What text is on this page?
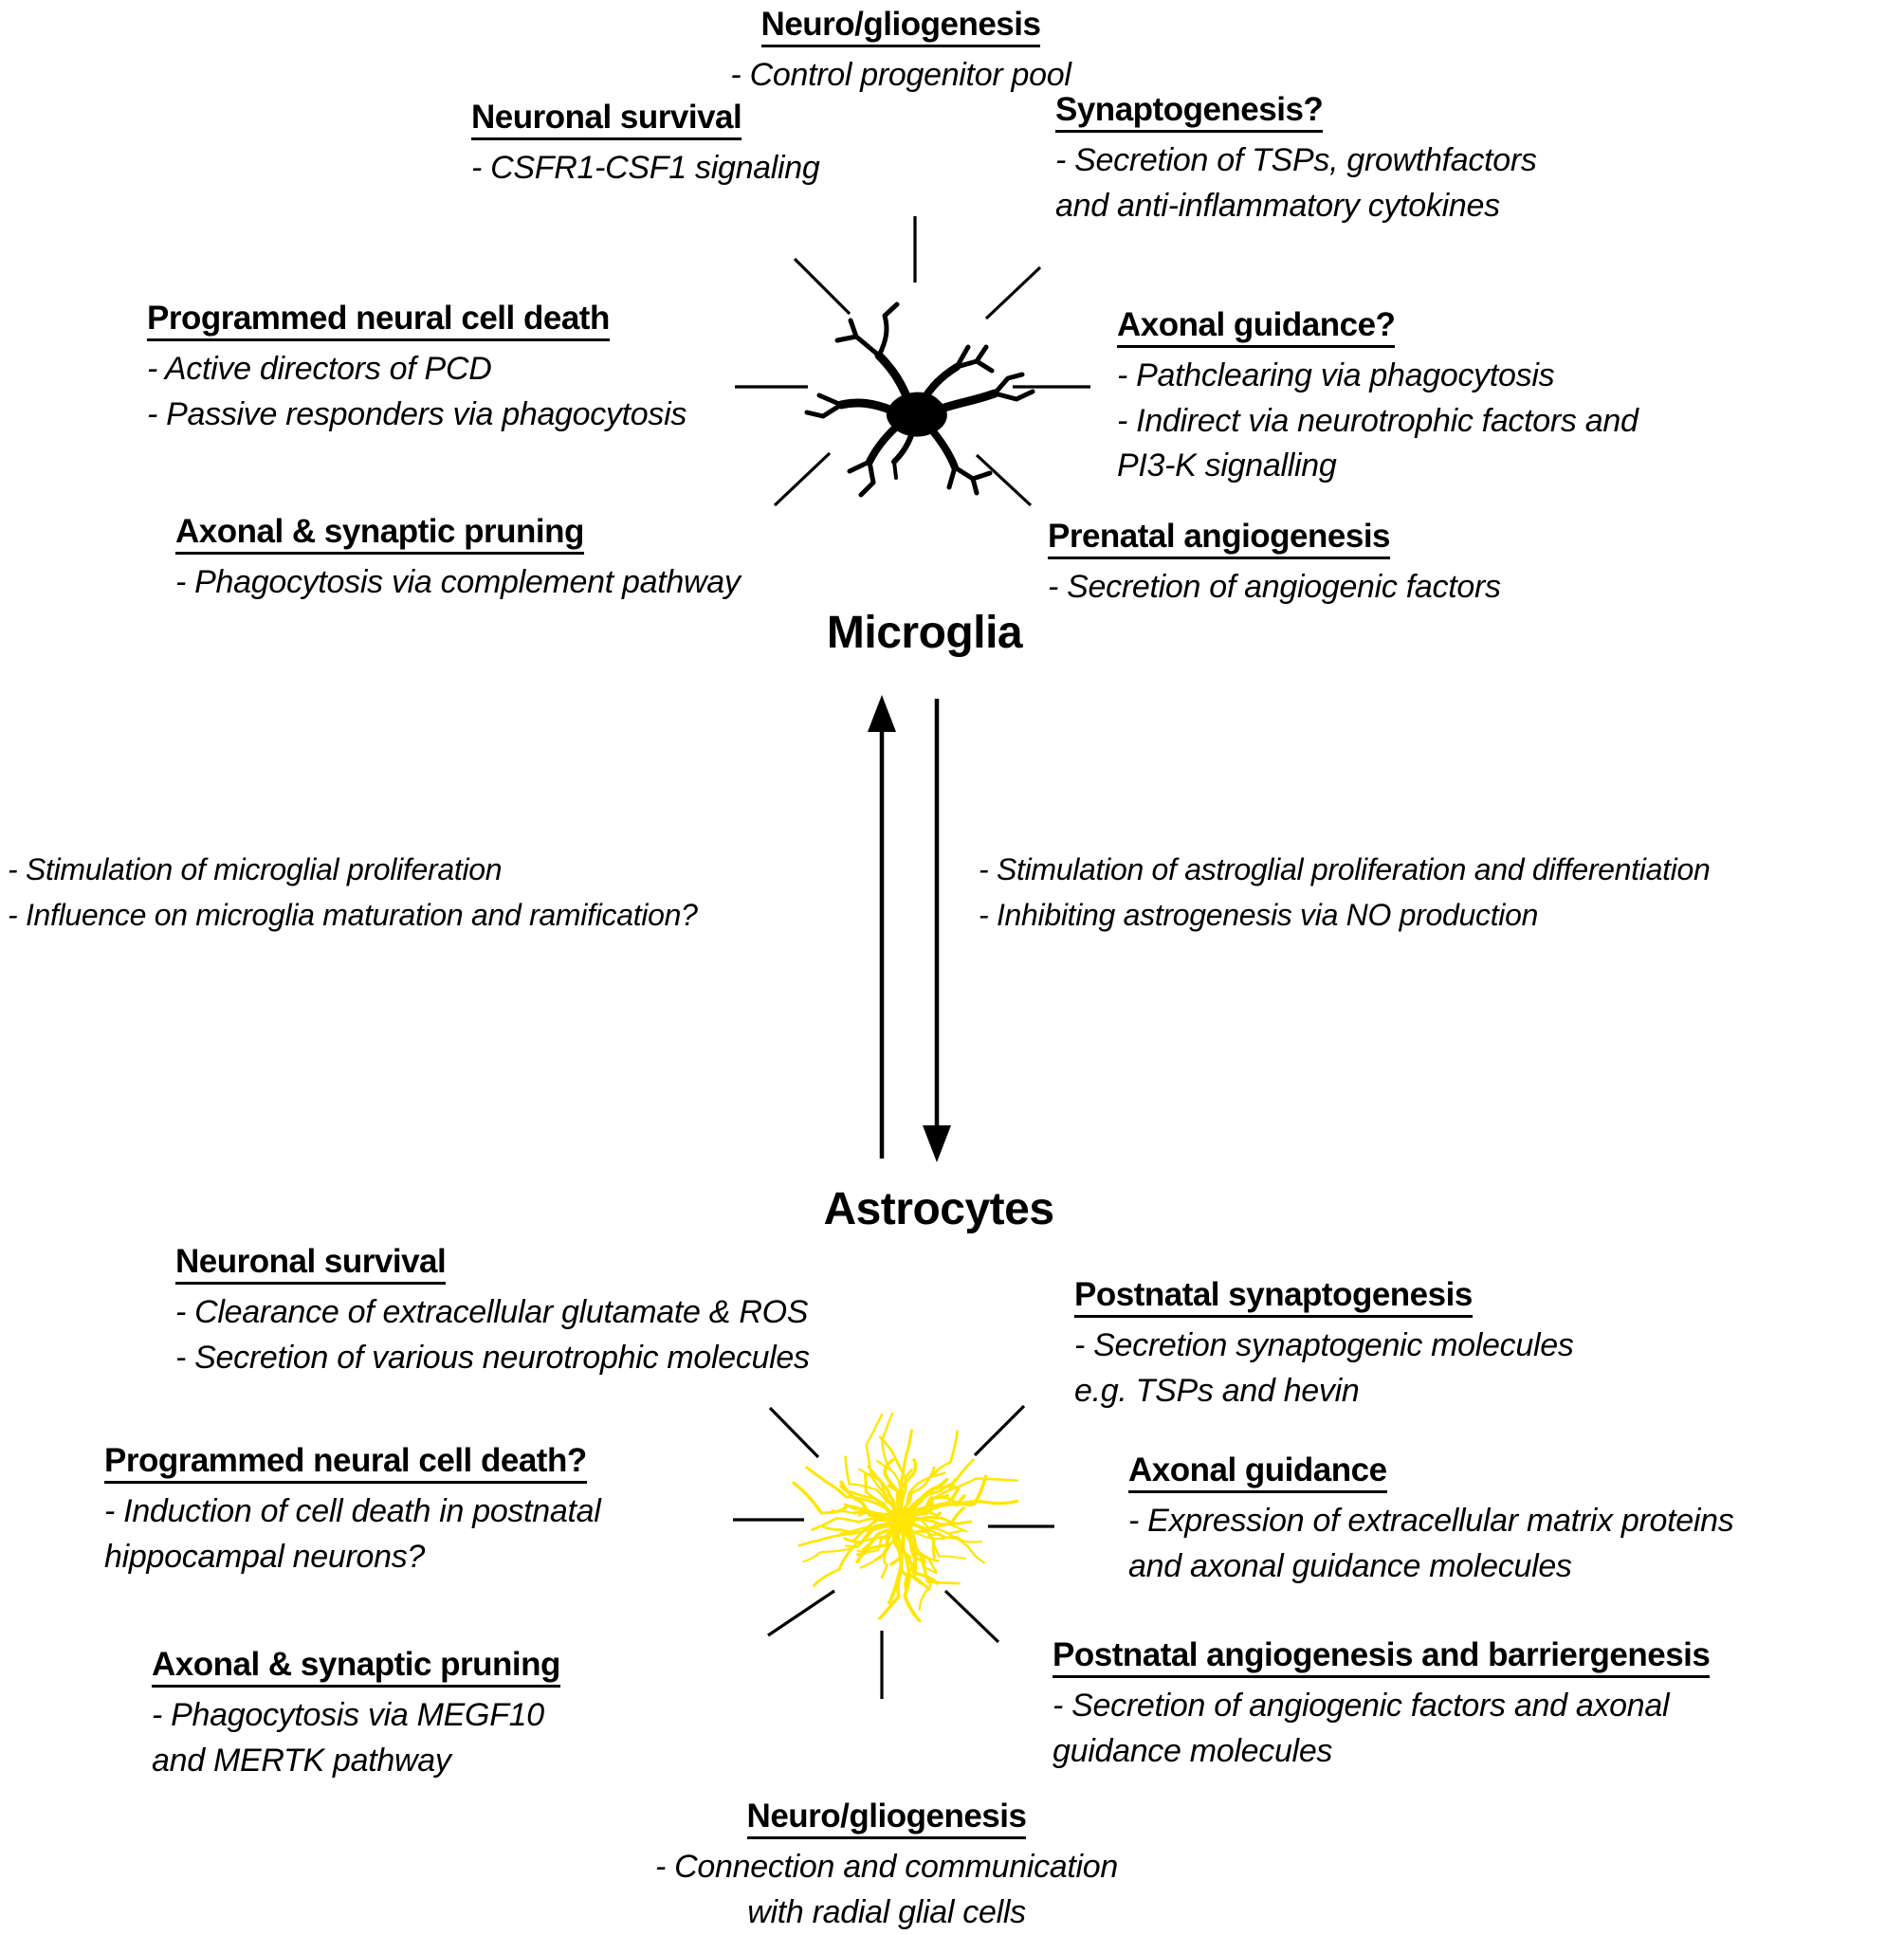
Neuro/gliogenesis
- Control progenitor pool
Neuronal survival
- CSFR1-CSF1 signaling
Synaptogenesis?
- Secretion of TSPs, growthfactors
and anti-inflammatory cytokines
Programmed neural cell death
- Active directors of PCD
- Passive responders via phagocytosis
Axonal guidance?
- Pathclearing via phagocytosis
- Indirect via neurotrophic factors and
PI3-K signalling
Axonal & synaptic pruning
- Phagocytosis via complement pathway
Prenatal angiogenesis
- Secretion of angiogenic factors
Microglia
- Stimulation of microglial proliferation
- Influence on microglia maturation and ramification?
- Stimulation of astroglial proliferation and differentiation
- Inhibiting astrogenesis via NO production
Astrocytes
Neuronal survival
- Clearance of extracellular glutamate & ROS
- Secretion of various neurotrophic molecules
Postnatal synaptogenesis
- Secretion synaptogenic molecules
e.g. TSPs and hevin
Programmed neural cell death?
- Induction of cell death in postnatal
hippocampal neurons?
Axonal guidance
- Expression of extracellular matrix proteins
and axonal guidance molecules
Axonal & synaptic pruning
- Phagocytosis via MEGF10
and MERTK pathway
Postnatal angiogenesis and barriergenesis
- Secretion of angiogenic factors and axonal
guidance molecules
Neuro/gliogenesis
- Connection and communication
with radial glial cells
